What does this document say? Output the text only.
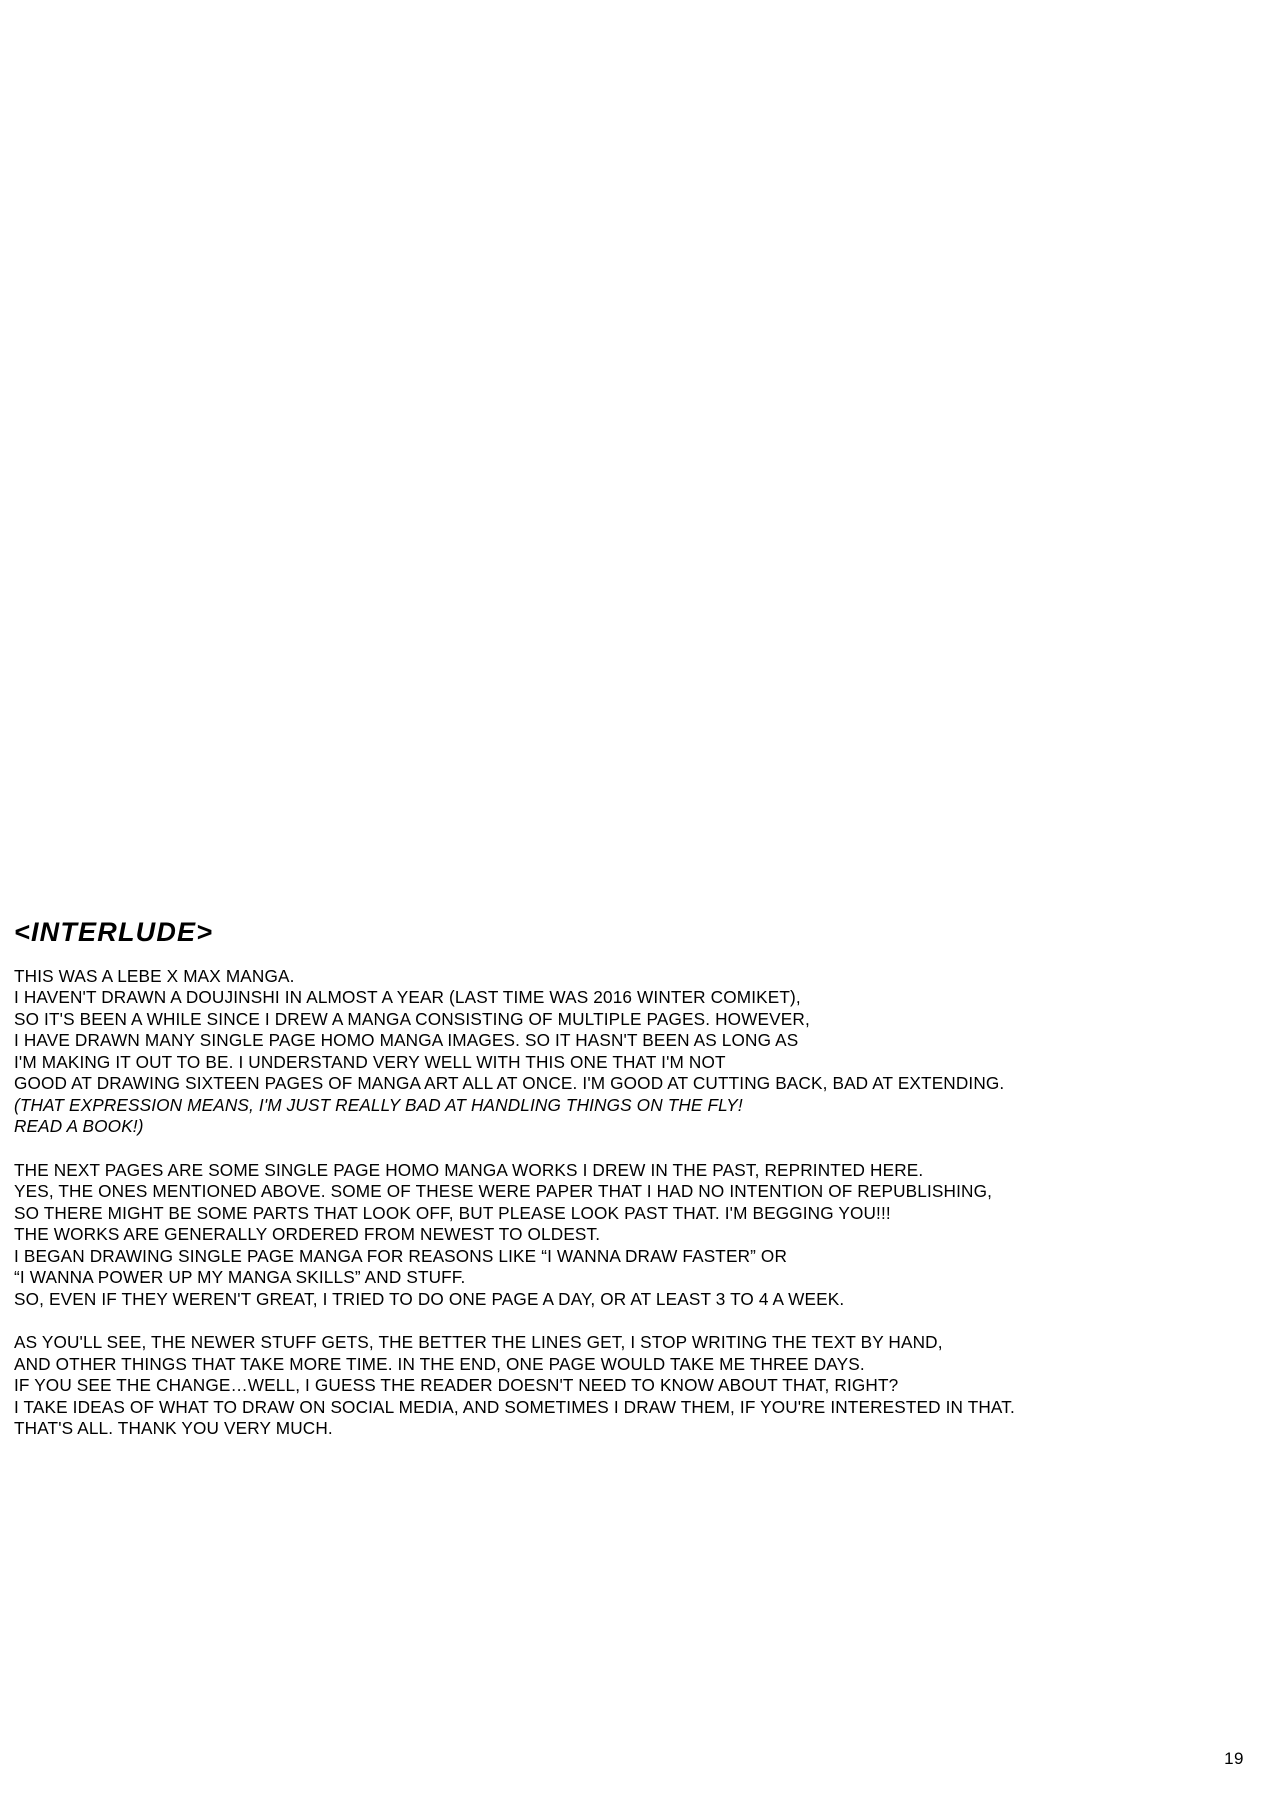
<INTERLUDE>

THIS WAS A LEBE X MAX MANGA.
I HAVEN'T DRAWN A DOUJINSHI IN ALMOST A YEAR (LAST TIME WAS 2016 WINTER COMIKET),
SO IT'S BEEN A WHILE SINCE I DREW A MANGA CONSISTING OF MULTIPLE PAGES. HOWEVER,
I HAVE DRAWN MANY SINGLE PAGE HOMO MANGA IMAGES. SO IT HASN'T BEEN AS LONG AS
I'M MAKING IT OUT TO BE. I UNDERSTAND VERY WELL WITH THIS ONE THAT I'M NOT
GOOD AT DRAWING SIXTEEN PAGES OF MANGA ART ALL AT ONCE. I'M GOOD AT CUTTING BACK, BAD AT EXTENDING.
(THAT EXPRESSION MEANS, I'M JUST REALLY BAD AT HANDLING THINGS ON THE FLY!
READ A BOOK!)

THE NEXT PAGES ARE SOME SINGLE PAGE HOMO MANGA WORKS I DREW IN THE PAST, REPRINTED HERE.
YES, THE ONES MENTIONED ABOVE. SOME OF THESE WERE PAPER THAT I HAD NO INTENTION OF REPUBLISHING,
SO THERE MIGHT BE SOME PARTS THAT LOOK OFF, BUT PLEASE LOOK PAST THAT. I'M BEGGING YOU!!!
THE WORKS ARE GENERALLY ORDERED FROM NEWEST TO OLDEST.
I BEGAN DRAWING SINGLE PAGE MANGA FOR REASONS LIKE “I WANNA DRAW FASTER” OR
“I WANNA POWER UP MY MANGA SKILLS” AND STUFF.
SO, EVEN IF THEY WEREN'T GREAT, I TRIED TO DO ONE PAGE A DAY, OR AT LEAST 3 TO 4 A WEEK.

AS YOU'LL SEE, THE NEWER STUFF GETS, THE BETTER THE LINES GET, I STOP WRITING THE TEXT BY HAND,
AND OTHER THINGS THAT TAKE MORE TIME. IN THE END, ONE PAGE WOULD TAKE ME THREE DAYS.
IF YOU SEE THE CHANGE…WELL, I GUESS THE READER DOESN'T NEED TO KNOW ABOUT THAT, RIGHT?
I TAKE IDEAS OF WHAT TO DRAW ON SOCIAL MEDIA, AND SOMETIMES I DRAW THEM, IF YOU'RE INTERESTED IN THAT.
THAT'S ALL. THANK YOU VERY MUCH.

19
